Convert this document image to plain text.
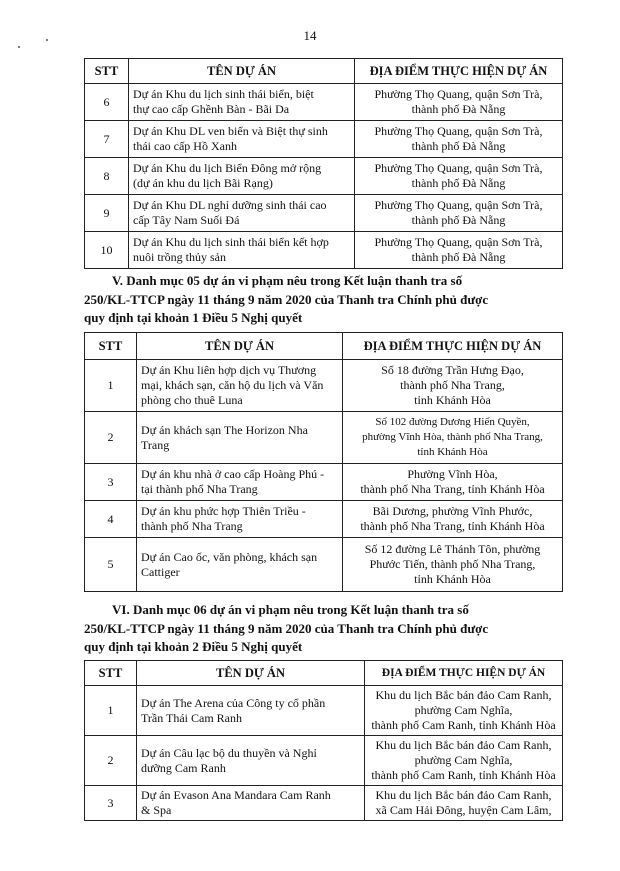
14
STT	TÊN DỰ ÁN	ĐỊA ĐIỂM THỰC HIỆN DỰ ÁN
6	Dự án Khu du lịch sinh thái biển, biệt
thự cao cấp Ghềnh Bàn - Bãi Da	Phường Thọ Quang, quận Sơn Trà,
thành phố Đà Nẵng
7	Dự án Khu DL ven biển và Biệt thự sinh
thái cao cấp Hồ Xanh	Phường Thọ Quang, quận Sơn Trà,
thành phố Đà Nẵng
8	Dự án Khu du lịch Biển Đông mở rộng
(dự án khu du lịch Bãi Rạng)	Phường Thọ Quang, quận Sơn Trà,
thành phố Đà Nẵng
9	Dự án Khu DL nghỉ dưỡng sinh thái cao
cấp Tây Nam Suối Đá	Phường Thọ Quang, quận Sơn Trà,
thành phố Đà Nẵng
10	Dự án Khu du lịch sinh thái biển kết hợp
nuôi trồng thủy sản	Phường Thọ Quang, quận Sơn Trà,
thành phố Đà Nẵng
V. Danh mục 05 dự án vi phạm nêu trong Kết luận thanh tra số
250/KL-TTCP ngày 11 tháng 9 năm 2020 của Thanh tra Chính phủ được
quy định tại khoản 1 Điều 5 Nghị quyết
STT	TÊN DỰ ÁN	ĐỊA ĐIỂM THỰC HIỆN DỰ ÁN
1	Dự án Khu liên hợp dịch vụ Thương
mại, khách sạn, căn hộ du lịch và Văn
phòng cho thuê Luna	Số 18 đường Trần Hưng Đạo,
thành phố Nha Trang,
tỉnh Khánh Hòa
2	Dự án khách sạn The Horizon Nha
Trang	Số 102 đường Dương Hiến Quyền,
phường Vĩnh Hòa, thành phố Nha Trang,
tỉnh Khánh Hòa
3	Dự án khu nhà ở cao cấp Hoàng Phú -
tại thành phố Nha Trang	Phường Vĩnh Hòa,
thành phố Nha Trang, tỉnh Khánh Hòa
4	Dự án khu phức hợp Thiên Triều -
thành phố Nha Trang	Bãi Dương, phường Vĩnh Phước,
thành phố Nha Trang, tỉnh Khánh Hòa
5	Dự án Cao ốc, văn phòng, khách sạn
Cattiger	Số 12 đường Lê Thánh Tôn, phường
Phước Tiến, thành phố Nha Trang,
tỉnh Khánh Hòa
VI. Danh mục 06 dự án vi phạm nêu trong Kết luận thanh tra số
250/KL-TTCP ngày 11 tháng 9 năm 2020 của Thanh tra Chính phủ được
quy định tại khoản 2 Điều 5 Nghị quyết
STT	TÊN DỰ ÁN	ĐỊA ĐIỂM THỰC HIỆN DỰ ÁN
1	Dự án The Arena của Công ty cổ phần
Trần Thái Cam Ranh	Khu du lịch Bắc bán đảo Cam Ranh,
phường Cam Nghĩa,
thành phố Cam Ranh, tỉnh Khánh Hòa
2	Dự án Câu lạc bộ du thuyền và Nghỉ
dưỡng Cam Ranh	Khu du lịch Bắc bán đảo Cam Ranh,
phường Cam Nghĩa,
thành phố Cam Ranh, tỉnh Khánh Hòa
3	Dự án Evason Ana Mandara Cam Ranh
& Spa	Khu du lịch Bắc bán đảo Cam Ranh,
xã Cam Hải Đông, huyện Cam Lâm,
